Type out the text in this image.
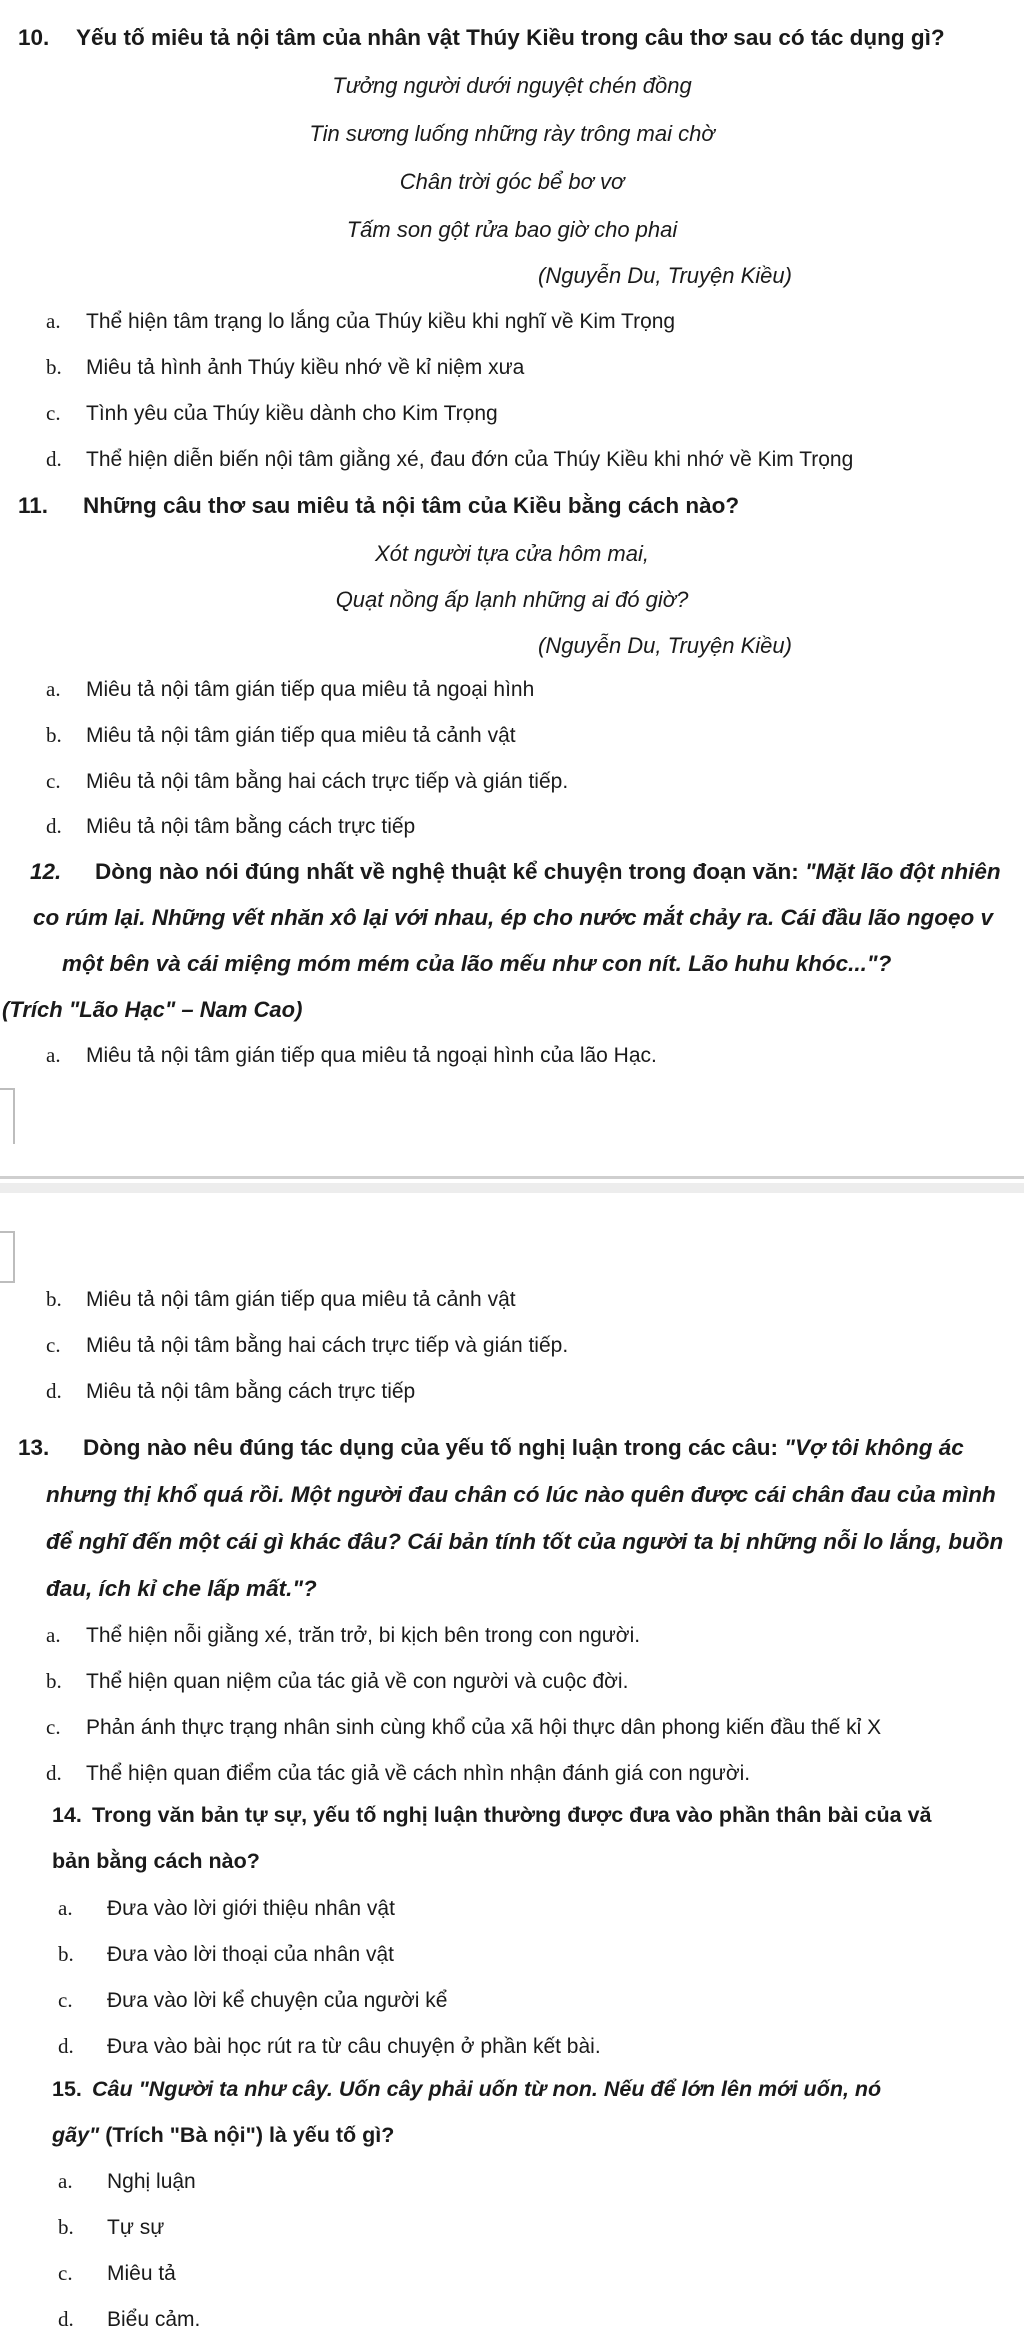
10. Yếu tố miêu tả nội tâm của nhân vật Thúy Kiều trong câu thơ sau có tác dụng gì?
Tưởng người dưới nguyệt chén đồng
Tin sương luống những rày trông mai chờ
Chân trời góc bể bơ vơ
Tấm son gột rửa bao giờ cho phai
(Nguyễn Du, Truyện Kiều)
a. Thể hiện tâm trạng lo lắng của Thúy kiều khi nghĩ về Kim Trọng
b. Miêu tả hình ảnh Thúy kiều nhớ về kỉ niệm xưa
c. Tình yêu của Thúy kiều dành cho Kim Trọng
d. Thể hiện diễn biến nội tâm giằng xé, đau đớn của Thúy Kiều khi nhớ về Kim Trọng
11. Những câu thơ sau miêu tả nội tâm của Kiều bằng cách nào?
Xót người tựa cửa hôm mai,
Quạt nồng ấp lạnh những ai đó giờ?
(Nguyễn Du, Truyện Kiều)
a. Miêu tả nội tâm gián tiếp qua miêu tả ngoại hình
b. Miêu tả nội tâm gián tiếp qua miêu tả cảnh vật
c. Miêu tả nội tâm bằng hai cách trực tiếp và gián tiếp.
d. Miêu tả nội tâm bằng cách trực tiếp
12. Dòng nào nói đúng nhất về nghệ thuật kể chuyện trong đoạn văn: "Mặt lão đột nhiên
co rúm lại. Những vết nhăn xô lại với nhau, ép cho nước mắt chảy ra. Cái đầu lão ngoẹo v
một bên và cái miệng móm mém của lão mếu như con nít. Lão huhu khóc..."?
(Trích "Lão Hạc" – Nam Cao)
a. Miêu tả nội tâm gián tiếp qua miêu tả ngoại hình của lão Hạc.
b. Miêu tả nội tâm gián tiếp qua miêu tả cảnh vật
c. Miêu tả nội tâm bằng hai cách trực tiếp và gián tiếp.
d. Miêu tả nội tâm bằng cách trực tiếp
13. Dòng nào nêu đúng tác dụng của yếu tố nghị luận trong các câu: "Vợ tôi không ác
nhưng thị khổ quá rồi. Một người đau chân có lúc nào quên được cái chân đau của mình
để nghĩ đến một cái gì khác đâu? Cái bản tính tốt của người ta bị những nỗi lo lắng, buồn
đau, ích kỉ che lấp mất."?
a. Thể hiện nỗi giằng xé, trăn trở, bi kịch bên trong con người.
b. Thể hiện quan niệm của tác giả về con người và cuộc đời.
c. Phản ánh thực trạng nhân sinh cùng khổ của xã hội thực dân phong kiến đầu thế kỉ X
d. Thể hiện quan điểm của tác giả về cách nhìn nhận đánh giá con người.
14. Trong văn bản tự sự, yếu tố nghị luận thường được đưa vào phần thân bài của vă
bản bằng cách nào?
a. Đưa vào lời giới thiệu nhân vật
b. Đưa vào lời thoại của nhân vật
c. Đưa vào lời kể chuyện của người kể
d. Đưa vào bài học rút ra từ câu chuyện ở phần kết bài.
15. Câu "Người ta như cây. Uốn cây phải uốn từ non. Nếu để lớn lên mới uốn, nó
gãy" (Trích "Bà nội") là yếu tố gì?
a. Nghị luận
b. Tự sự
c. Miêu tả
d. Biểu cảm.
